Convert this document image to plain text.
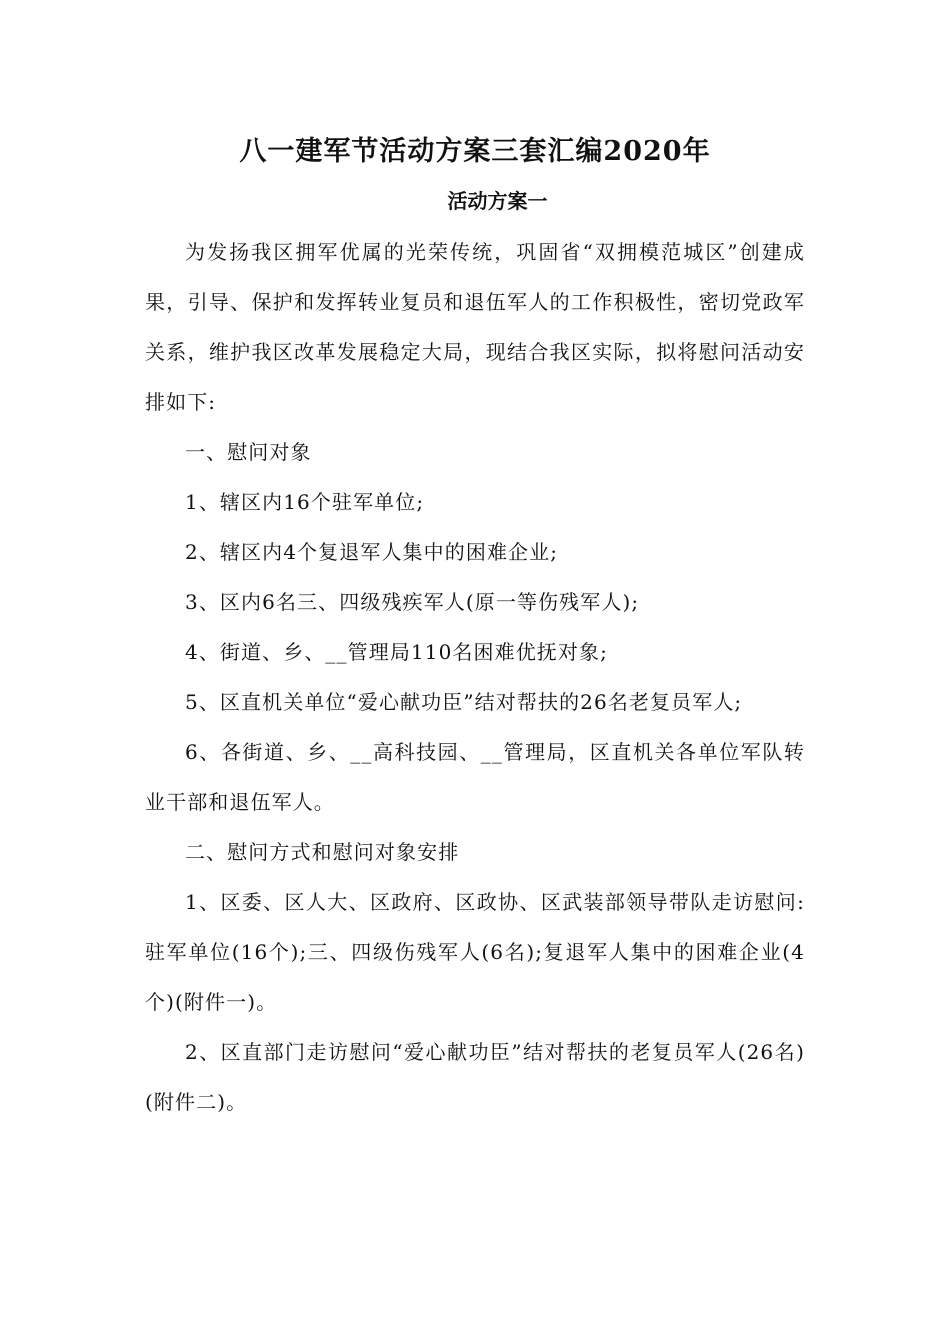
八一建军节活动方案三套汇编2020年
活动方案一

为发扬我区拥军优属的光荣传统，巩固省“双拥模范城区”创建成果，引导、保护和发挥转业复员和退伍军人的工作积极性，密切党政军关系，维护我区改革发展稳定大局，现结合我区实际，拟将慰问活动安排如下:

一、慰问对象

1、辖区内16个驻军单位;

2、辖区内4个复退军人集中的困难企业;

3、区内6名三、四级残疾军人(原一等伤残军人);

4、街道、乡、__管理局110名困难优抚对象;

5、区直机关单位“爱心献功臣”结对帮扶的26名老复员军人;

6、各街道、乡、__高科技园、__管理局，区直机关各单位军队转业干部和退伍军人。

二、慰问方式和慰问对象安排

1、区委、区人大、区政府、区政协、区武装部领导带队走访慰问:驻军单位(16个);三、四级伤残军人(6名);复退军人集中的困难企业(4个)(附件一)。

2、区直部门走访慰问“爱心献功臣”结对帮扶的老复员军人(26名)(附件二)。
